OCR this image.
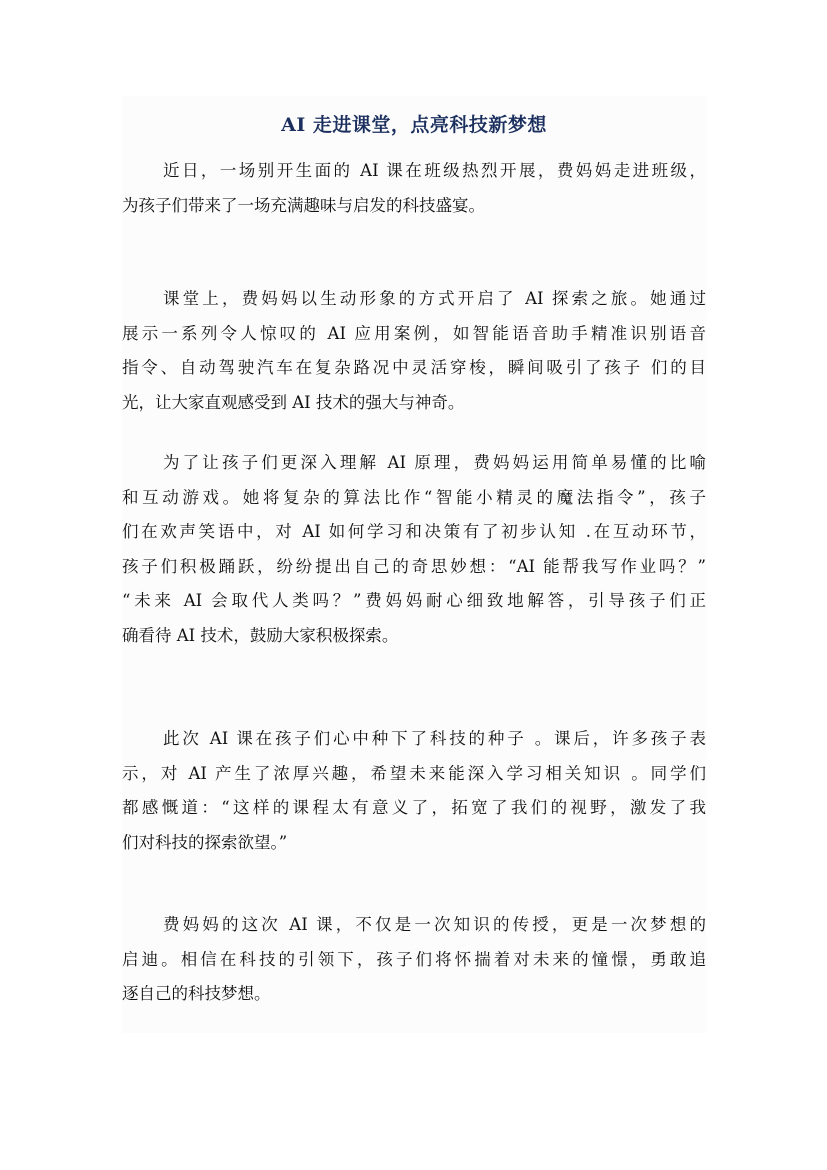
AI 走进课堂，点亮科技新梦想
近日，一场别开生面的 AI 课在班级热烈开展，费妈妈走进班级，
为孩子们带来了一场充满趣味与启发的科技盛宴。
课堂上，费妈妈以生动形象的方式开启了 AI 探索之旅。她通过
展示一系列令人惊叹的 AI 应用案例，如智能语音助手精准识别语音
指令、自动驾驶汽车在复杂路况中灵活穿梭，瞬间吸引了孩子 们的目
光，让大家直观感受到 AI 技术的强大与神奇。
为了让孩子们更深入理解 AI 原理，费妈妈运用简单易懂的比喻
和互动游戏。她将复杂的算法比作“智能小精灵的魔法指令”，孩子
们在欢声笑语中，对 AI 如何学习和决策有了初步认知 .在互动环节，
孩子们积极踊跃，纷纷提出自己的奇思妙想：“AI 能帮我写作业吗？”
“未来 AI 会取代人类吗？”费妈妈耐心细致地解答，引导孩子们正
确看待 AI 技术，鼓励大家积极探索。
此次 AI 课在孩子们心中种下了科技的种子 。课后，许多孩子表
示，对 AI 产生了浓厚兴趣，希望未来能深入学习相关知识 。同学们
都感慨道：“这样的课程太有意义了，拓宽了我们的视野，激发了我
们对科技的探索欲望。”
费妈妈的这次 AI 课，不仅是一次知识的传授，更是一次梦想的
启迪。相信在科技的引领下，孩子们将怀揣着对未来的憧憬，勇敢追
逐自己的科技梦想。
